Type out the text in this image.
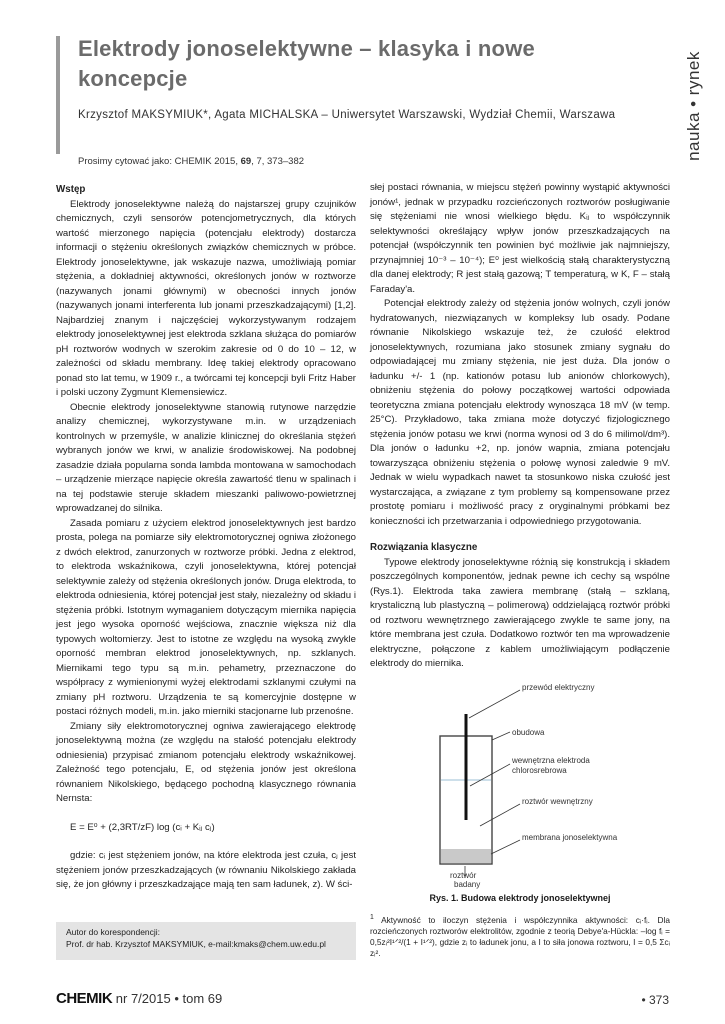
Elektrody jonoselektywne – klasyka i nowe koncepcje
Krzysztof MAKSYMIUK*, Agata MICHALSKA – Uniwersytet Warszawski, Wydział Chemii, Warszawa
Prosimy cytować jako: CHEMIK 2015, 69, 7, 373–382
nauka • rynek
Wstęp

Elektrody jonoselektywne należą do najstarszej grupy czujników chemicznych, czyli sensorów potencjometrycznych, dla których wartość mierzonego napięcia (potencjału elektrody) dostarcza informacji o stężeniu określonych związków chemicznych w próbce. Elektrody jonoselektywne, jak wskazuje nazwa, umożliwiają pomiar stężenia, a dokładniej aktywności, określonych jonów w roztworze (nazywanych jonami głównymi) w obecności innych jonów (nazywanych jonami interferenta lub jonami przeszkadzającymi) [1,2]. Najbardziej znanym i najczęściej wykorzystywanym rodzajem elektrody jonoselektywnej jest elektroda szklana służąca do pomiarów pH roztworów wodnych w szerokim zakresie od 0 do 10 – 12, w zależności od składu membrany. Ideę takiej elektrody opracowano ponad sto lat temu, w 1909 r., a twórcami tej koncepcji byli Fritz Haber i polski uczony Zygmunt Klemensiewicz.

Obecnie elektrody jonoselektywne stanowią rutynowe narzędzie analizy chemicznej, wykorzystywane m.in. w urządzeniach kontrolnych w przemyśle, w analizie klinicznej do określania stężeń wybranych jonów we krwi, w analizie środowiskowej. Na podobnej zasadzie działa popularna sonda lambda montowana w samochodach – urządzenie mierzące napięcie określa zawartość tlenu w spalinach i na tej podstawie steruje składem mieszanki paliwowo-powietrznej wprowadzanej do silnika.

Zasada pomiaru z użyciem elektrod jonoselektywnych jest bardzo prosta, polega na pomiarze siły elektromotorycznej ogniwa złożonego z dwóch elektrod, zanurzonych w roztworze próbki. Jedna z elektrod, to elektroda wskaźnikowa, czyli jonoselektywna, której potencjał selektywnie zależy od stężenia określonych jonów. Druga elektroda, to elektroda odniesienia, której potencjał jest stały, niezależny od składu i stężenia próbki. Istotnym wymaganiem dotyczącym miernika napięcia jest jego wysoka oporność wejściowa, znacznie większa niż dla typowych woltomierzy. Jest to istotne ze względu na wysoką zwykle oporność membran elektrod jonoselektywnych, np. szklanych. Miernikami tego typu są m.in. pehametry, przeznaczone do współpracy z wymienionymi wyżej elektrodami szklanymi czułymi na zmiany pH roztworu. Urządzenia te są komercyjnie dostępne w postaci różnych modeli, m.in. jako mierniki stacjonarne lub przenośne.

Zmiany siły elektromotorycznej ogniwa zawierającego elektrodę jonoselektywną można (ze względu na stałość potencjału elektrody odniesienia) przypisać zmianom potencjału elektrody wskaźnikowej. Zależność tego potencjału, E, od stężenia jonów jest określona równaniem Nikolskiego, będącego pochodną klasycznego równania Nernsta:

E = E⁰ + (2,3RT/zF) log (cᵢ + Kᵢⱼ cⱼ)

gdzie: cᵢ jest stężeniem jonów, na które elektroda jest czuła, cⱼ jest stężeniem jonów przeszkadzających (w równaniu Nikolskiego zakłada się, że jon główny i przeszkadzające mają ten sam ładunek, z). W ści-

słej postaci równania, w miejscu stężeń powinny wystąpić aktywności jonów¹, jednak w przypadku rozcieńczonych roztworów posługiwanie się stężeniami nie wnosi wielkiego błędu. Kᵢⱼ to współczynnik selektywności określający wpływ jonów przeszkadzających na potencjał (współczynnik ten powinien być możliwie jak najmniejszy, przynajmniej 10⁻³ – 10⁻⁴); E⁰ jest wielkością stałą charakterystyczną dla danej elektrody; R jest stałą gazową; T temperaturą, w K, F – stałą Faraday'a.

Potencjał elektrody zależy od stężenia jonów wolnych, czyli jonów hydratowanych, niezwiązanych w kompleksy lub osady. Podane równanie Nikolskiego wskazuje też, że czułość elektrod jonoselektywnych, rozumiana jako stosunek zmiany sygnału do odpowiadającej mu zmiany stężenia, nie jest duża. Dla jonów o ładunku +/- 1 (np. kationów potasu lub anionów chlorkowych), obniżeniu stężenia do połowy początkowej wartości odpowiada teoretyczna zmiana potencjału elektrody wynosząca 18 mV (w temp. 25°C). Przykładowo, taka zmiana może dotyczyć fizjologicznego stężenia jonów potasu we krwi (norma wynosi od 3 do 6 milimol/dm³). Dla jonów o ładunku +2, np. jonów wapnia, zmiana potencjału towarzysząca obniżeniu stężenia o połowę wynosi zaledwie 9 mV. Jednak w wielu wypadkach nawet ta stosunkowo niska czułość jest wystarczająca, a związane z tym problemy są kompensowane przez prostotę pomiaru i możliwość pracy z oryginalnymi próbkami bez konieczności ich przetwarzania i odpowiedniego przygotowania.

Rozwiązania klasyczne

Typowe elektrody jonoselektywne różnią się konstrukcją i składem poszczególnych komponentów, jednak pewne ich cechy są wspólne (Rys.1). Elektroda taka zawiera membranę (stałą – szklaną, krystaliczną lub plastyczną – polimerową) oddzielającą roztwór próbki od roztworu wewnętrznego zawierającego zwykle te same jony, na które membrana jest czuła. Dodatkowo roztwór ten ma wprowadzenie elektryczne, połączone z kablem umożliwiającym podłączenie elektrody do miernika.

przewód elektryczny
obudowa
wewnętrzna elektroda
chlorosrebrowa
roztwór wewnętrzny
membrana jonoselektywna
roztwór
badany
Rys. 1. Budowa elektrody jonoselektywnej
$^1$ Aktywność to iloczyn stężenia i współczynnika aktywności: cᵢ·fᵢ. Dla rozcieńczonych roztworów elektrolitów, zgodnie z teorią Debye'a-Hückla: –log fᵢ = 0,5zᵢ²I¹ᐟ²/(1 + I¹ᐟ²), gdzie zᵢ to ładunek jonu, a I to siła jonowa roztworu, I = 0,5 Σcᵢ zᵢ².
Autor do korespondencji:
Prof. dr hab. Krzysztof MAKSYMIUK, e-mail:kmaks@chem.uw.edu.pl
CHEMIK nr 7/2015 • tom 69	• 373
